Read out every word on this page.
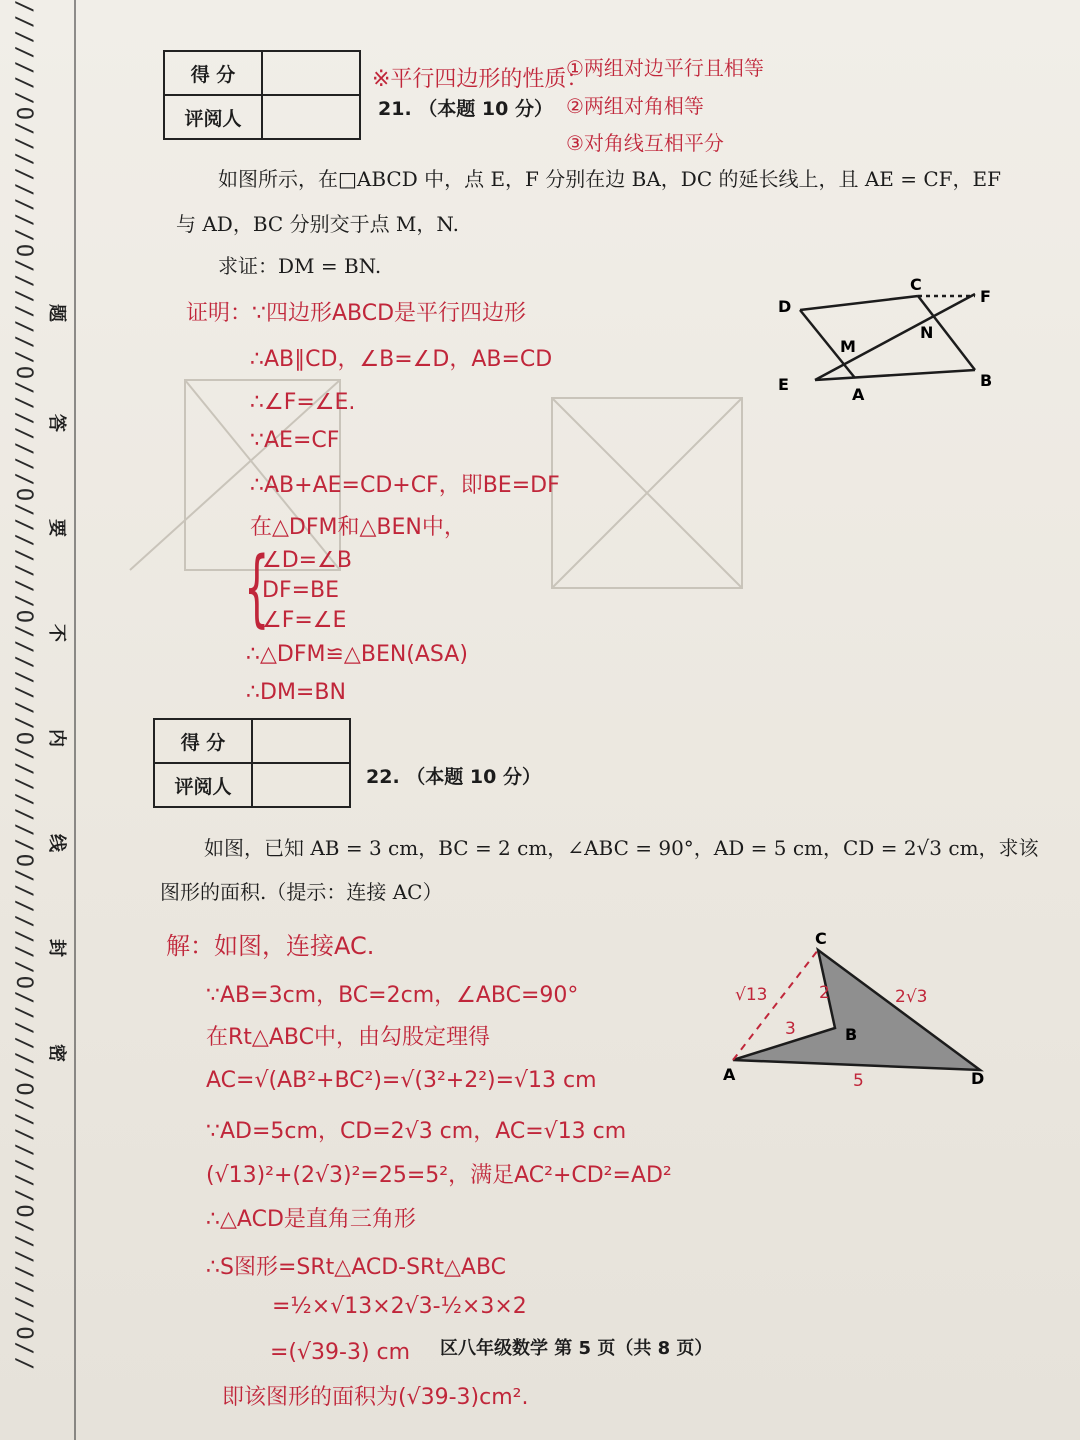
///////O////////O///////O///////O///////O///////O///////O///////O//////O///////O///////O// 题
答
要
不
内
线
封
密
得 分	
评阅人		21. （本题 10 分）
※平行四边形的性质：
①两组对边平行且相等
②两组对角相等
③对角线互相平分
如图所示，在□ABCD 中，点 E，F 分别在边 BA，DC 的延长线上，且 AE = CF，EF
与 AD，BC 分别交于点 M，N.
求证：DM = BN.
D
C
F
M
N
E
A
B
证明：∵四边形ABCD是平行四边形
∴AB∥CD，∠B=∠D，AB=CD
∴∠F=∠E.
∵AE=CF
∴AB+AE=CD+CF，即BE=DF
在△DFM和△BEN中，
{
∠D=∠B
DF=BE
∠F=∠E
∴△DFM≌△BEN(ASA)
∴DM=BN
得 分	
评阅人		22. （本题 10 分）
如图，已知 AB = 3 cm，BC = 2 cm，∠ABC = 90°，AD = 5 cm，CD = 2√3 cm，求该
图形的面积.（提示：连接 AC）
C
B
A	D
√13	2
3
2√3
5
解：如图，连接AC.
∵AB=3cm，BC=2cm，∠ABC=90°
在Rt△ABC中，由勾股定理得
AC=√(AB²+BC²)=√(3²+2²)=√13 cm
∵AD=5cm，CD=2√3 cm，AC=√13 cm
(√13)²+(2√3)²=25=5²，满足AC²+CD²=AD²
∴△ACD是直角三角形
∴S图形=SRt△ACD-SRt△ABC
=½×√13×2√3-½×3×2
=(√39-3) cm
即该图形的面积为(√39-3)cm².
区八年级数学 第 5 页（共 8 页）
